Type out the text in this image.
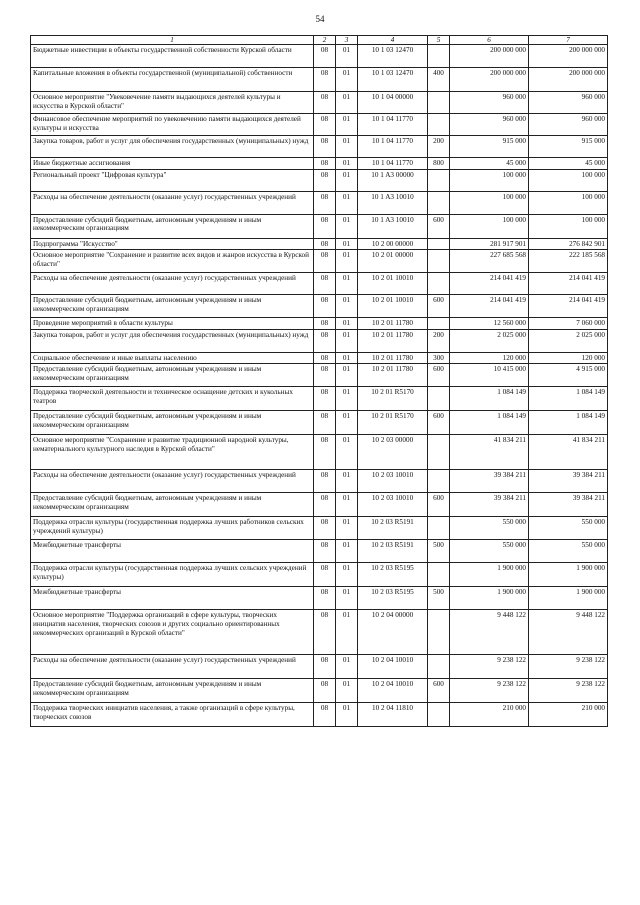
54
1	2	3	4	5	6	7
Бюджетные инвестиции в объекты государственной собственности Курской области	08	01	10 1 03 12470		200 000 000	200 000 000
Капитальные вложения в объекты государственной (муниципальной) собственности	08	01	10 1 03 12470	400	200 000 000	200 000 000
Основное мероприятие "Увековечение памяти выдающихся деятелей культуры и искусства в Курской области"	08	01	10 1 04 00000		960 000	960 000
Финансовое обеспечение мероприятий по увековечению памяти выдающихся деятелей культуры и искусства	08	01	10 1 04 11770		960 000	960 000
Закупка товаров, работ и услуг для обеспечения государственных (муниципальных) нужд	08	01	10 1 04 11770	200	915 000	915 000
Иные бюджетные ассигнования	08	01	10 1 04 11770	800	45 000	45 000
Региональный проект "Цифровая культура"	08	01	10 1 A3 00000		100 000	100 000
Расходы на обеспечение деятельности (оказание услуг) государственных учреждений	08	01	10 1 A3 10010		100 000	100 000
Предоставление субсидий бюджетным, автономным учреждениям и иным некоммерческим организациям	08	01	10 1 A3 10010	600	100 000	100 000
Подпрограмма "Искусство"	08	01	10 2 00 00000		281 917 901	276 842 901
Основное мероприятие "Сохранение и развитие всех видов и жанров искусства в Курской области"	08	01	10 2 01 00000		227 685 568	222 185 568
Расходы на обеспечение деятельности (оказание услуг) государственных учреждений	08	01	10 2 01 10010		214 041 419	214 041 419
Предоставление субсидий бюджетным, автономным учреждениям и иным некоммерческим организациям	08	01	10 2 01 10010	600	214 041 419	214 041 419
Проведение мероприятий в области культуры	08	01	10 2 01 11780		12 560 000	7 060 000
Закупка товаров, работ и услуг для обеспечения государственных (муниципальных) нужд	08	01	10 2 01 11780	200	2 025 000	2 025 000
Социальное обеспечение и иные выплаты населению	08	01	10 2 01 11780	300	120 000	120 000
Предоставление субсидий бюджетным, автономным учреждениям и иным некоммерческим организациям	08	01	10 2 01 11780	600	10 415 000	4 915 000
Поддержка творческой деятельности и техническое оснащение детских и кукольных театров	08	01	10 2 01 R5170		1 084 149	1 084 149
Предоставление субсидий бюджетным, автономным учреждениям и иным некоммерческим организациям	08	01	10 2 01 R5170	600	1 084 149	1 084 149
Основное мероприятие "Сохранение и развитие традиционной народной культуры, нематериального культурного наследия в Курской области"	08	01	10 2 03 00000		41 834 211	41 834 211
Расходы на обеспечение деятельности (оказание услуг) государственных учреждений	08	01	10 2 03 10010		39 384 211	39 384 211
Предоставление субсидий бюджетным, автономным учреждениям и иным некоммерческим организациям	08	01	10 2 03 10010	600	39 384 211	39 384 211
Поддержка отрасли культуры (государственная поддержка лучших работников сельских учреждений культуры)	08	01	10 2 03 R5191		550 000	550 000
Межбюджетные трансферты	08	01	10 2 03 R5191	500	550 000	550 000
Поддержка отрасли культуры (государственная поддержка лучших сельских учреждений культуры)	08	01	10 2 03 R5195		1 900 000	1 900 000
Межбюджетные трансферты	08	01	10 2 03 R5195	500	1 900 000	1 900 000
Основное мероприятие "Поддержка организаций в сфере культуры, творческих инициатив населения, творческих союзов и других социально ориентированных некоммерческих организаций в Курской области"	08	01	10 2 04 00000		9 448 122	9 448 122
Расходы на обеспечение деятельности (оказание услуг) государственных учреждений	08	01	10 2 04 10010		9 238 122	9 238 122
Предоставление субсидий бюджетным, автономным учреждениям и иным некоммерческим организациям	08	01	10 2 04 10010	600	9 238 122	9 238 122
Поддержка творческих инициатив населения, а также организаций в сфере культуры, творческих союзов	08	01	10 2 04 11810		210 000	210 000
